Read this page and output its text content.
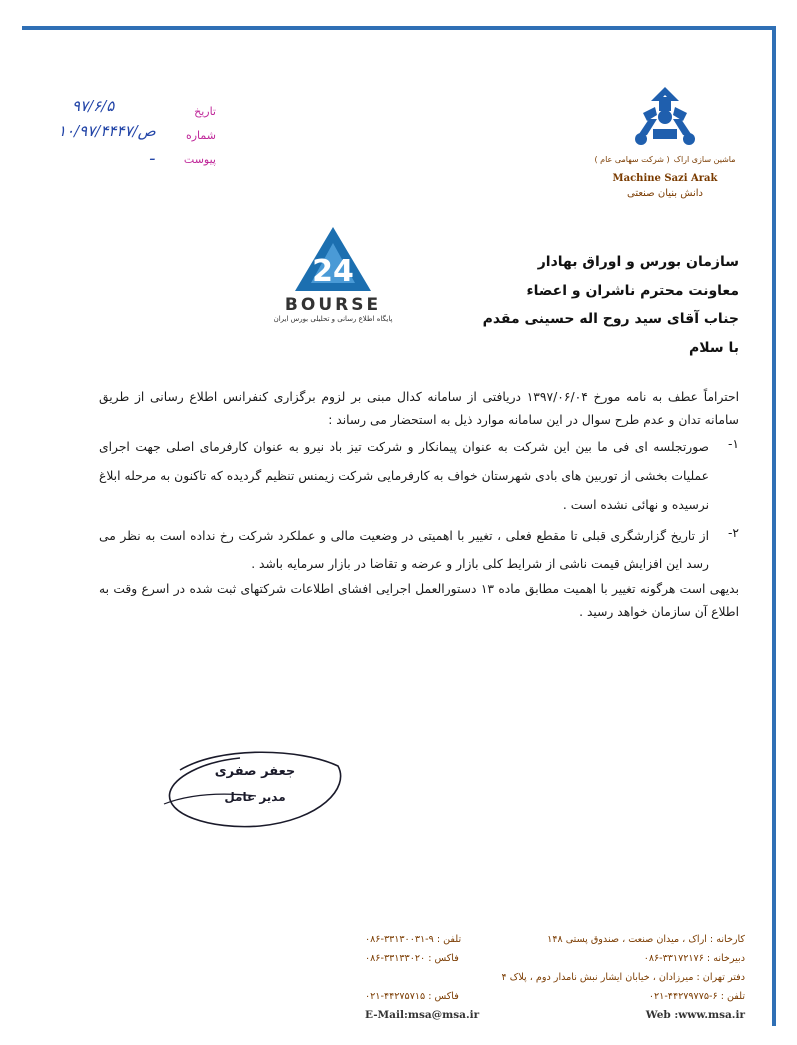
تاریخ
شماره
پیوست
۹۷/۶/۵
۱۰/ص/۹۷/۴۴۴۷
ـ	ماشین سازی اراک ( شرکت سهامی عام )
Machine Sazi Arak
دانش بنیان صنعتی
24
BOURSE
پایگاه اطلاع رسانی و تحلیلی بورس ایران
سازمان بورس و اوراق بهادار
معاونت محترم ناشران و اعضاء
جناب آقای سید روح اله حسینی مقدم
با سلام

احتراماً عطف به نامه مورخ ۱۳۹۷/۰۶/۰۴ دریافتی از سامانه کدال مبنی بر لزوم برگزاری کنفرانس اطلاع رسانی از طریق سامانه تدان و عدم طرح سوال در این سامانه موارد ذیل به استحضار می رساند :

۱-
صورتجلسه ای فی ما بین این شرکت به عنوان پیمانکار و شرکت تیز باد نیرو به عنوان کارفرمای اصلی جهت اجرای عملیات بخشی از توربین های بادی شهرستان خواف به کارفرمایی شرکت زیمنس تنظیم گردیده که تاکنون به مرحله ابلاغ نرسیده و نهائی نشده است .
۲-
از تاریخ گزارشگری قبلی تا مقطع فعلی ، تغییر با اهمیتی در وضعیت مالی و عملکرد شرکت رخ نداده است به نظر می رسد این افزایش قیمت ناشی از شرایط کلی بازار و عرضه و تقاضا در بازار سرمایه باشد .

بدیهی است هرگونه تغییر با اهمیت مطابق ماده ۱۳ دستورالعمل اجرایی افشای اطلاعات شرکتهای ثبت شده در اسرع وقت به اطلاع آن سازمان خواهد رسید .

جعفر صفری
مدیر عامل
کارخانه : اراک ، میدان صنعت ، صندوق پستی ۱۴۸
تلفن : ۹-۳۳۱۳۰۰۳۱-۰۸۶
دبیرخانه : ۳۳۱۷۲۱۷۶-۰۸۶
فاکس : ۳۳۱۳۳۰۲۰-۰۸۶
دفتر تهران : میرزادان ، خیابان ایشار نبش نامدار دوم ، پلاک ۴
تلفن : ۶-۴۴۲۷۹۷۷۵-۰۲۱
فاکس : ۴۴۲۷۵۷۱۵-۰۲۱
Web :www.msa.ir
E-Mail:msa@msa.ir
